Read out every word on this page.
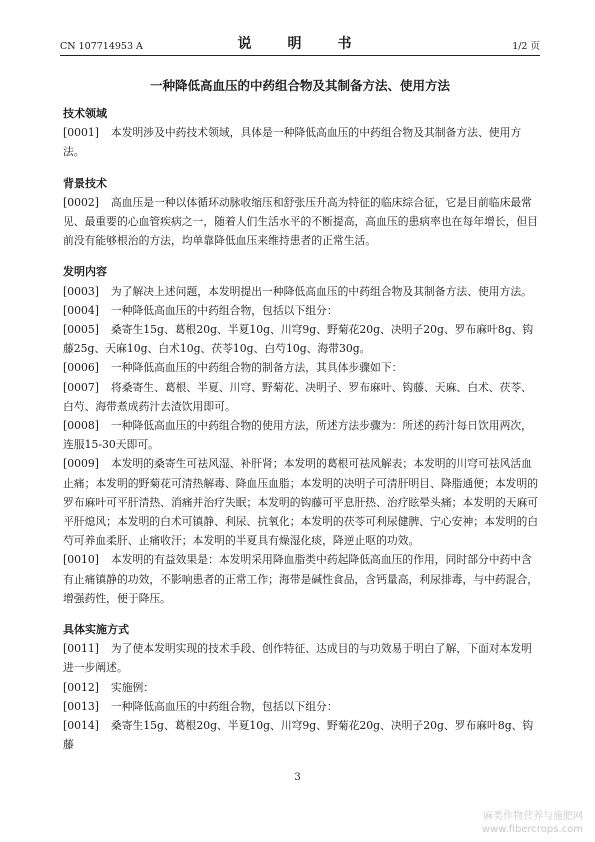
CN 107714953 A	说　明　书	1/2 页
一种降低高血压的中药组合物及其制备方法、使用方法
技术领域

[0001] 本发明涉及中药技术领域，具体是一种降低高血压的中药组合物及其制备方法、使用方法。

背景技术

[0002] 高血压是一种以体循环动脉收缩压和舒张压升高为特征的临床综合征，它是目前临床最常见、最重要的心血管疾病之一，随着人们生活水平的不断提高，高血压的患病率也在每年增长，但目前没有能够根治的方法，均单靠降低血压来维持患者的正常生活。

发明内容

[0003] 为了解决上述问题，本发明提出一种降低高血压的中药组合物及其制备方法、使用方法。

[0004] 一种降低高血压的中药组合物，包括以下组分：

[0005] 桑寄生15g、葛根20g、半夏10g、川穹9g、野菊花20g、决明子20g、罗布麻叶8g、钩藤25g、天麻10g、白术10g、茯苓10g、白芍10g、海带30g。

[0006] 一种降低高血压的中药组合物的制备方法，其具体步骤如下：

[0007] 将桑寄生、葛根、半夏、川穹、野菊花、决明子、罗布麻叶、钩藤、天麻、白术、茯苓、白芍、海带煮成药汁去渣饮用即可。

[0008] 一种降低高血压的中药组合物的使用方法，所述方法步骤为：所述的药汁每日饮用两次，连服15-30天即可。

[0009] 本发明的桑寄生可祛风湿、补肝肾；本发明的葛根可祛风解表；本发明的川穹可祛风活血止痛；本发明的野菊花可清热解毒、降血压血脂；本发明的决明子可清肝明目、降脂通便；本发明的罗布麻叶可平肝清热、消痛并治疗失眠；本发明的钩藤可平息肝热、治疗眩晕头痛；本发明的天麻可平肝熄风；本发明的白术可镇静、利尿、抗氧化；本发明的茯苓可利尿健脾、宁心安神；本发明的白芍可养血柔肝、止痛收汗；本发明的半夏具有燥湿化痰，降逆止呕的功效。

[0010] 本发明的有益效果是：本发明采用降血脂类中药起降低高血压的作用，同时部分中药中含有止痛镇静的功效，不影响患者的正常工作；海带是碱性食品，含钙量高，利尿排毒，与中药混合，增强药性，便于降压。

具体实施方式

[0011] 为了使本发明实现的技术手段、创作特征、达成目的与功效易于明白了解，下面对本发明进一步阐述。

[0012] 实施例：

[0013] 一种降低高血压的中药组合物，包括以下组分：

[0014] 桑寄生15g、葛根20g、半夏10g、川穹9g、野菊花20g、决明子20g、罗布麻叶8g、钩藤

3
麻类作物营养与施肥网
www.fibercrops.com
